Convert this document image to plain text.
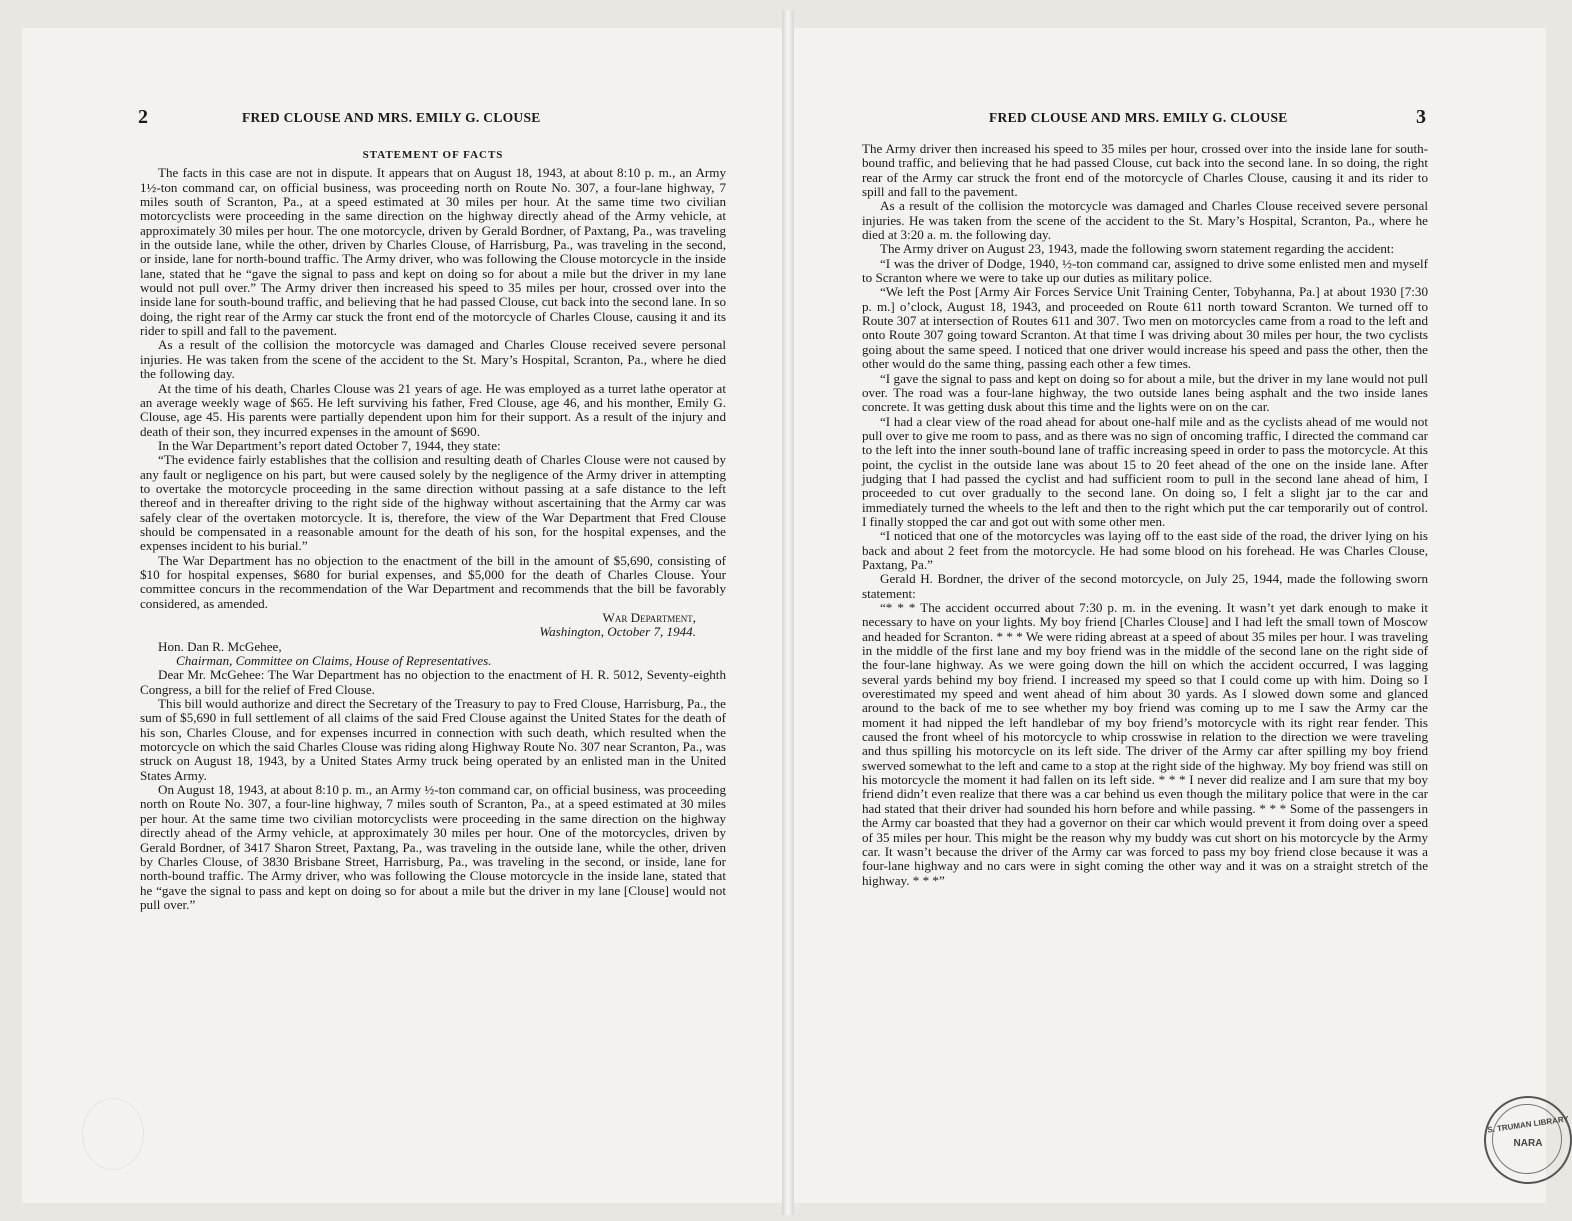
2	FRED CLOUSE AND MRS. EMILY G. CLOUSE
STATEMENT OF FACTS

The facts in this case are not in dispute. It appears that on August 18, 1943, at about 8:10 p. m., an Army 1½-ton command car, on official business, was proceeding north on Route No. 307, a four-lane highway, 7 miles south of Scranton, Pa., at a speed estimated at 30 miles per hour. At the same time two civilian motorcyclists were proceeding in the same direction on the highway directly ahead of the Army vehicle, at approximately 30 miles per hour. The one motorcycle, driven by Gerald Bordner, of Paxtang, Pa., was traveling in the outside lane, while the other, driven by Charles Clouse, of Harrisburg, Pa., was traveling in the second, or inside, lane for north-bound traffic. The Army driver, who was following the Clouse motorcycle in the inside lane, stated that he “gave the signal to pass and kept on doing so for about a mile but the driver in my lane would not pull over.” The Army driver then increased his speed to 35 miles per hour, crossed over into the inside lane for south-bound traffic, and believing that he had passed Clouse, cut back into the second lane. In so doing, the right rear of the Army car stuck the front end of the motorcycle of Charles Clouse, causing it and its rider to spill and fall to the pavement.

As a result of the collision the motorcycle was damaged and Charles Clouse received severe personal injuries. He was taken from the scene of the accident to the St. Mary’s Hospital, Scranton, Pa., where he died the following day.

At the time of his death, Charles Clouse was 21 years of age. He was employed as a turret lathe operator at an average weekly wage of $65. He left surviving his father, Fred Clouse, age 46, and his monther, Emily G. Clouse, age 45. His parents were partially dependent upon him for their support. As a result of the injury and death of their son, they incurred expenses in the amount of $690.

In the War Department’s report dated October 7, 1944, they state:

“The evidence fairly establishes that the collision and resulting death of Charles Clouse were not caused by any fault or negligence on his part, but were caused solely by the negligence of the Army driver in attempting to overtake the motorcycle proceeding in the same direction without passing at a safe distance to the left thereof and in thereafter driving to the right side of the highway without ascertaining that the Army car was safely clear of the overtaken motorcycle. It is, therefore, the view of the War Department that Fred Clouse should be compensated in a reasonable amount for the death of his son, for the hospital expenses, and the expenses incident to his burial.”

The War Department has no objection to the enactment of the bill in the amount of $5,690, consisting of $10 for hospital expenses, $680 for burial expenses, and $5,000 for the death of Charles Clouse. Your committee concurs in the recommendation of the War Department and recommends that the bill be favorably considered, as amended.

War Department,
Washington, October 7, 1944.

Hon. Dan R. McGehee,

Chairman, Committee on Claims, House of Representatives.

Dear Mr. McGehee: The War Department has no objection to the enactment of H. R. 5012, Seventy-eighth Congress, a bill for the relief of Fred Clouse.

This bill would authorize and direct the Secretary of the Treasury to pay to Fred Clouse, Harrisburg, Pa., the sum of $5,690 in full settlement of all claims of the said Fred Clouse against the United States for the death of his son, Charles Clouse, and for expenses incurred in connection with such death, which resulted when the motorcycle on which the said Charles Clouse was riding along Highway Route No. 307 near Scranton, Pa., was struck on August 18, 1943, by a United States Army truck being operated by an enlisted man in the United States Army.

On August 18, 1943, at about 8:10 p. m., an Army ½-ton command car, on official business, was proceeding north on Route No. 307, a four-line highway, 7 miles south of Scranton, Pa., at a speed estimated at 30 miles per hour. At the same time two civilian motorcyclists were proceeding in the same direction on the highway directly ahead of the Army vehicle, at approximately 30 miles per hour. One of the motorcycles, driven by Gerald Bordner, of 3417 Sharon Street, Paxtang, Pa., was traveling in the outside lane, while the other, driven by Charles Clouse, of 3830 Brisbane Street, Harrisburg, Pa., was traveling in the second, or inside, lane for north-bound traffic. The Army driver, who was following the Clouse motorcycle in the inside lane, stated that he “gave the signal to pass and kept on doing so for about a mile but the driver in my lane [Clouse] would not pull over.”

FRED CLOUSE AND MRS. EMILY G. CLOUSE	3

The Army driver then increased his speed to 35 miles per hour, crossed over into the inside lane for south-bound traffic, and believing that he had passed Clouse, cut back into the second lane. In so doing, the right rear of the Army car struck the front end of the motorcycle of Charles Clouse, causing it and its rider to spill and fall to the pavement.

As a result of the collision the motorcycle was damaged and Charles Clouse received severe personal injuries. He was taken from the scene of the accident to the St. Mary’s Hospital, Scranton, Pa., where he died at 3:20 a. m. the following day.

The Army driver on August 23, 1943, made the following sworn statement regarding the accident:

“I was the driver of Dodge, 1940, ½-ton command car, assigned to drive some enlisted men and myself to Scranton where we were to take up our duties as military police.

“We left the Post [Army Air Forces Service Unit Training Center, Tobyhanna, Pa.] at about 1930 [7:30 p. m.] o’clock, August 18, 1943, and proceeded on Route 611 north toward Scranton. We turned off to Route 307 at intersection of Routes 611 and 307. Two men on motorcycles came from a road to the left and onto Route 307 going toward Scranton. At that time I was driving about 30 miles per hour, the two cyclists going about the same speed. I noticed that one driver would increase his speed and pass the other, then the other would do the same thing, passing each other a few times.

“I gave the signal to pass and kept on doing so for about a mile, but the driver in my lane would not pull over. The road was a four-lane highway, the two outside lanes being asphalt and the two inside lanes concrete. It was getting dusk about this time and the lights were on on the car.

“I had a clear view of the road ahead for about one-half mile and as the cyclists ahead of me would not pull over to give me room to pass, and as there was no sign of oncoming traffic, I directed the command car to the left into the inner south-bound lane of traffic increasing speed in order to pass the motorcycle. At this point, the cyclist in the outside lane was about 15 to 20 feet ahead of the one on the inside lane. After judging that I had passed the cyclist and had sufficient room to pull in the second lane ahead of him, I proceeded to cut over gradually to the second lane. On doing so, I felt a slight jar to the car and immediately turned the wheels to the left and then to the right which put the car temporarily out of control. I finally stopped the car and got out with some other men.

“I noticed that one of the motorcycles was laying off to the east side of the road, the driver lying on his back and about 2 feet from the motorcycle. He had some blood on his forehead. He was Charles Clouse, Paxtang, Pa.”

Gerald H. Bordner, the driver of the second motorcycle, on July 25, 1944, made the following sworn statement:

“* * * The accident occurred about 7:30 p. m. in the evening. It wasn’t yet dark enough to make it necessary to have on your lights. My boy friend [Charles Clouse] and I had left the small town of Moscow and headed for Scranton. * * * We were riding abreast at a speed of about 35 miles per hour. I was traveling in the middle of the first lane and my boy friend was in the middle of the second lane on the right side of the four-lane highway. As we were going down the hill on which the accident occurred, I was lagging several yards behind my boy friend. I increased my speed so that I could come up with him. Doing so I overestimated my speed and went ahead of him about 30 yards. As I slowed down some and glanced around to the back of me to see whether my boy friend was coming up to me I saw the Army car the moment it had nipped the left handlebar of my boy friend’s motorcycle with its right rear fender. This caused the front wheel of his motorcycle to whip crosswise in relation to the direction we were traveling and thus spilling his motorcycle on its left side. The driver of the Army car after spilling my boy friend swerved somewhat to the left and came to a stop at the right side of the highway. My boy friend was still on his motorcycle the moment it had fallen on its left side. * * * I never did realize and I am sure that my boy friend didn’t even realize that there was a car behind us even though the military police that were in the car had stated that their driver had sounded his horn before and while passing. * * * Some of the passengers in the Army car boasted that they had a governor on their car which would prevent it from doing over a speed of 35 miles per hour. This might be the reason why my buddy was cut short on his motorcycle by the Army car. It wasn’t because the driver of the Army car was forced to pass my boy friend close because it was a four-lane highway and no cars were in sight coming the other way and it was on a straight stretch of the highway. * * *”

S. TRUMAN LIBRARY
NARA
